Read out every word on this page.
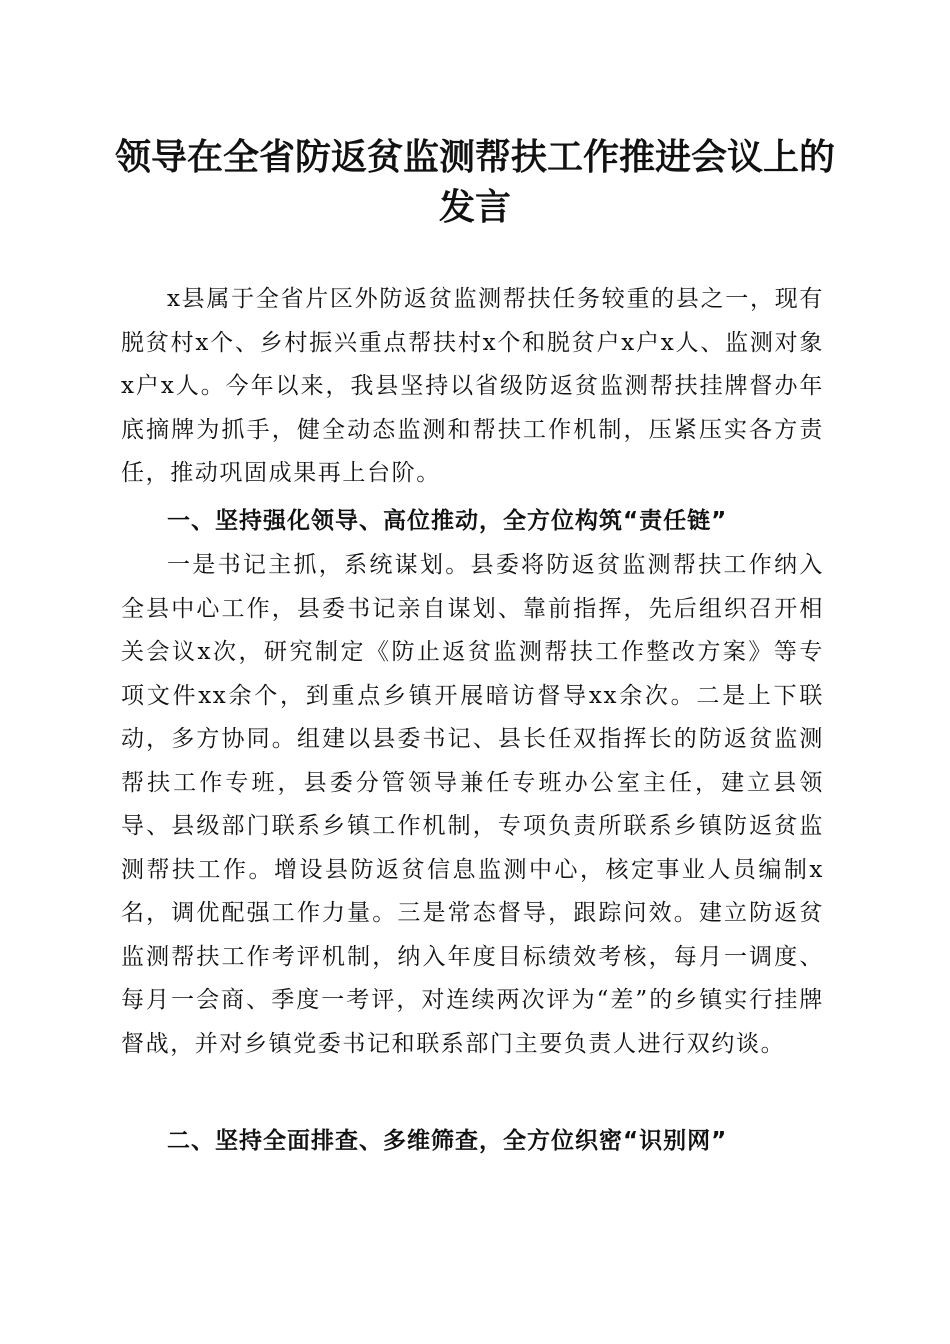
领导在全省防返贫监测帮扶工作推进会议上的发言
x县属于全省片区外防返贫监测帮扶任务较重的县之一，现有脱贫村x个、乡村振兴重点帮扶村x个和脱贫户x户x人、监测对象x户x人。今年以来，我县坚持以省级防返贫监测帮扶挂牌督办年底摘牌为抓手，健全动态监测和帮扶工作机制，压紧压实各方责任，推动巩固成果再上台阶。
一、坚持强化领导、高位推动，全方位构筑“责任链”
一是书记主抓，系统谋划。县委将防返贫监测帮扶工作纳入全县中心工作，县委书记亲自谋划、靠前指挥，先后组织召开相关会议x次，研究制定《防止返贫监测帮扶工作整改方案》等专项文件xx余个，到重点乡镇开展暗访督导xx余次。二是上下联动，多方协同。组建以县委书记、县长任双指挥长的防返贫监测帮扶工作专班，县委分管领导兼任专班办公室主任，建立县领导、县级部门联系乡镇工作机制，专项负责所联系乡镇防返贫监测帮扶工作。增设县防返贫信息监测中心，核定事业人员编制x名，调优配强工作力量。三是常态督导，跟踪问效。建立防返贫监测帮扶工作考评机制，纳入年度目标绩效考核，每月一调度、每月一会商、季度一考评，对连续两次评为“差”的乡镇实行挂牌督战，并对乡镇党委书记和联系部门主要负责人进行双约谈。
二、坚持全面排查、多维筛查，全方位织密“识别网”
